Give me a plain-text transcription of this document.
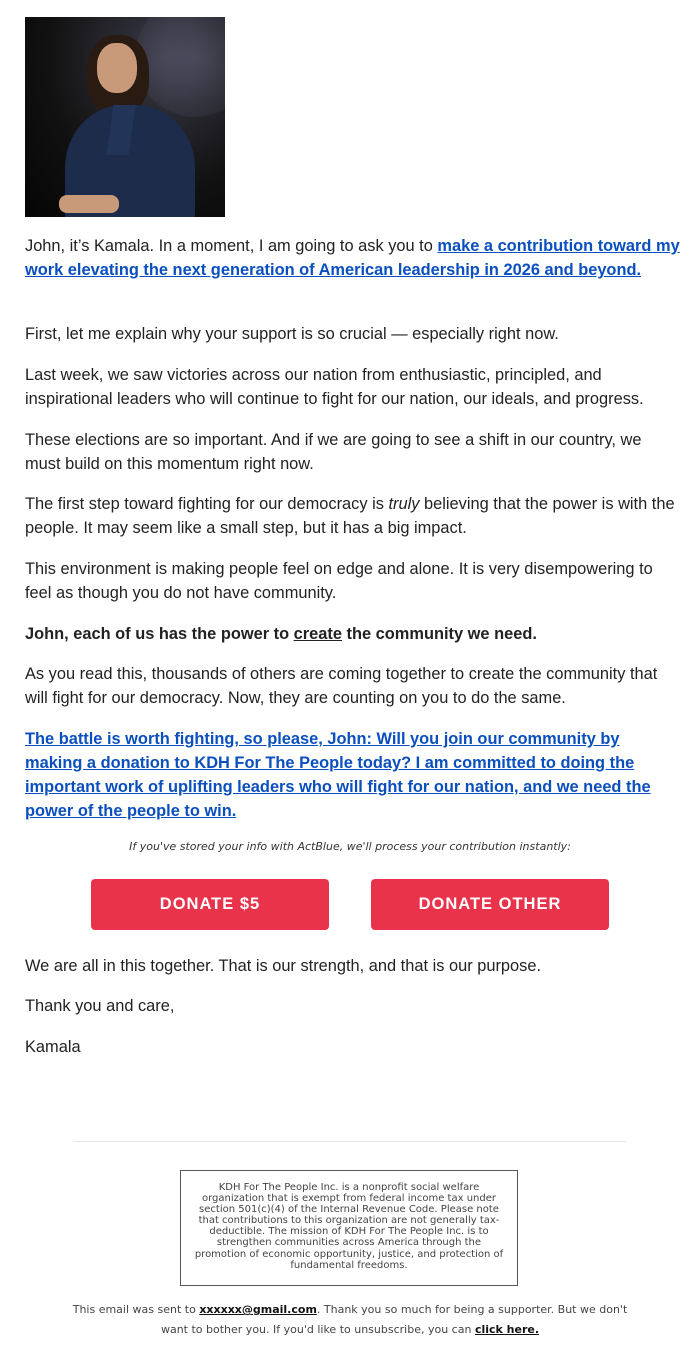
John, it’s Kamala. In a moment, I am going to ask you to make a contribution toward my work elevating the next generation of American leadership in 2026 and beyond.

First, let me explain why your support is so crucial — especially right now.

Last week, we saw victories across our nation from enthusiastic, principled, and inspirational leaders who will continue to fight for our nation, our ideals, and progress.

These elections are so important. And if we are going to see a shift in our country, we must build on this momentum right now.

The first step toward fighting for our democracy is truly believing that the power is with the people. It may seem like a small step, but it has a big impact.

This environment is making people feel on edge and alone. It is very disempowering to feel as though you do not have community.

John, each of us has the power to create the community we need.

As you read this, thousands of others are coming together to create the community that will fight for our democracy. Now, they are counting on you to do the same.

The battle is worth fighting, so please, John: Will you join our community by making a donation to KDH For The People today? I am committed to doing the important work of uplifting leaders who will fight for our nation, and we need the power of the people to win.

If you've stored your info with ActBlue, we'll process your contribution instantly:
DONATE $5	DONATE OTHER

We are all in this together. That is our strength, and that is our purpose.

Thank you and care,

Kamala

KDH For The People Inc. is a nonprofit social welfare organization that is exempt from federal income tax under section 501(c)(4) of the Internal Revenue Code. Please note that contributions to this organization are not generally tax-deductible. The mission of KDH For The People Inc. is to strengthen communities across America through the promotion of economic opportunity, justice, and protection of fundamental freedoms.
This email was sent to xxxxxx@gmail.com. Thank you so much for being a supporter. But we don't want to bother you. If you'd like to unsubscribe, you can click here.
